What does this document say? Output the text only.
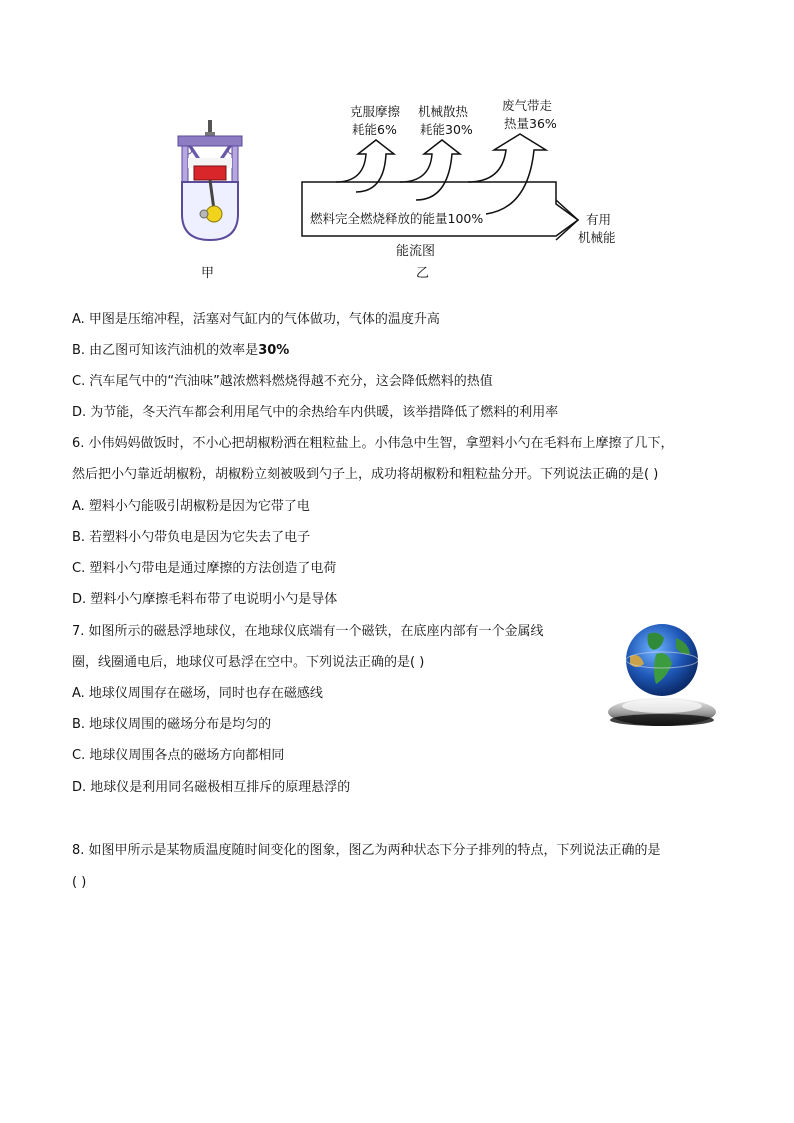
甲
燃料完全燃烧释放的能量100%
克服摩擦
耗能6%
机械散热
耗能30%
废气带走
热量36%
有用
机械能
能流图
乙
A. 甲图是压缩冲程，活塞对气缸内的气体做功，气体的温度升高
B. 由乙图可知该汽油机的效率是30%
C. 汽车尾气中的“汽油味”越浓燃料燃烧得越不充分，这会降低燃料的热值
D. 为节能，冬天汽车都会利用尾气中的余热给车内供暖，该举措降低了燃料的利用率
6. 小伟妈妈做饭时，不小心把胡椒粉洒在粗粒盐上。小伟急中生智，拿塑料小勺在毛料布上摩擦了几下，
然后把小勺靠近胡椒粉，胡椒粉立刻被吸到勺子上，成功将胡椒粉和粗粒盐分开。下列说法正确的是( )
A. 塑料小勺能吸引胡椒粉是因为它带了电
B. 若塑料小勺带负电是因为它失去了电子
C. 塑料小勺带电是通过摩擦的方法创造了电荷
D. 塑料小勺摩擦毛料布带了电说明小勺是导体
7. 如图所示的磁悬浮地球仪，在地球仪底端有一个磁铁，在底座内部有一个金属线
圈，线圈通电后，地球仪可悬浮在空中。下列说法正确的是( )
A. 地球仪周围存在磁场，同时也存在磁感线
B. 地球仪周围的磁场分布是均匀的
C. 地球仪周围各点的磁场方向都相同
D. 地球仪是利用同名磁极相互排斥的原理悬浮的
8. 如图甲所示是某物质温度随时间变化的图象，图乙为两种状态下分子排列的特点，下列说法正确的是
( )
